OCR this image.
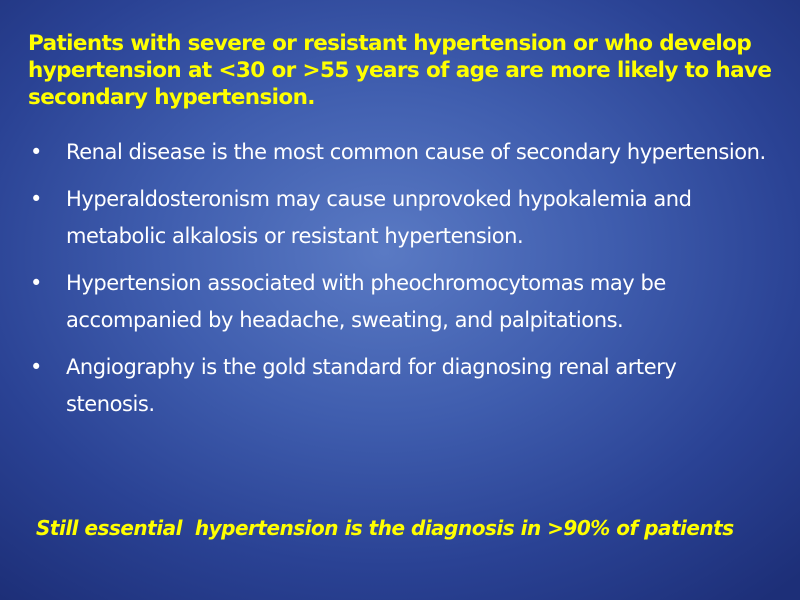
Patients with severe or resistant hypertension or who develop hypertension at <30 or >55 years of age are more likely to have secondary hypertension.

• Renal disease is the most common cause of secondary hypertension.
• Hyperaldosteronism may cause unprovoked hypokalemia and metabolic alkalosis or resistant hypertension.
• Hypertension associated with pheochromocytomas may be accompanied by headache, sweating, and palpitations.
• Angiography is the gold standard for diagnosing renal artery stenosis.

Still essential  hypertension is the diagnosis in >90% of patients
